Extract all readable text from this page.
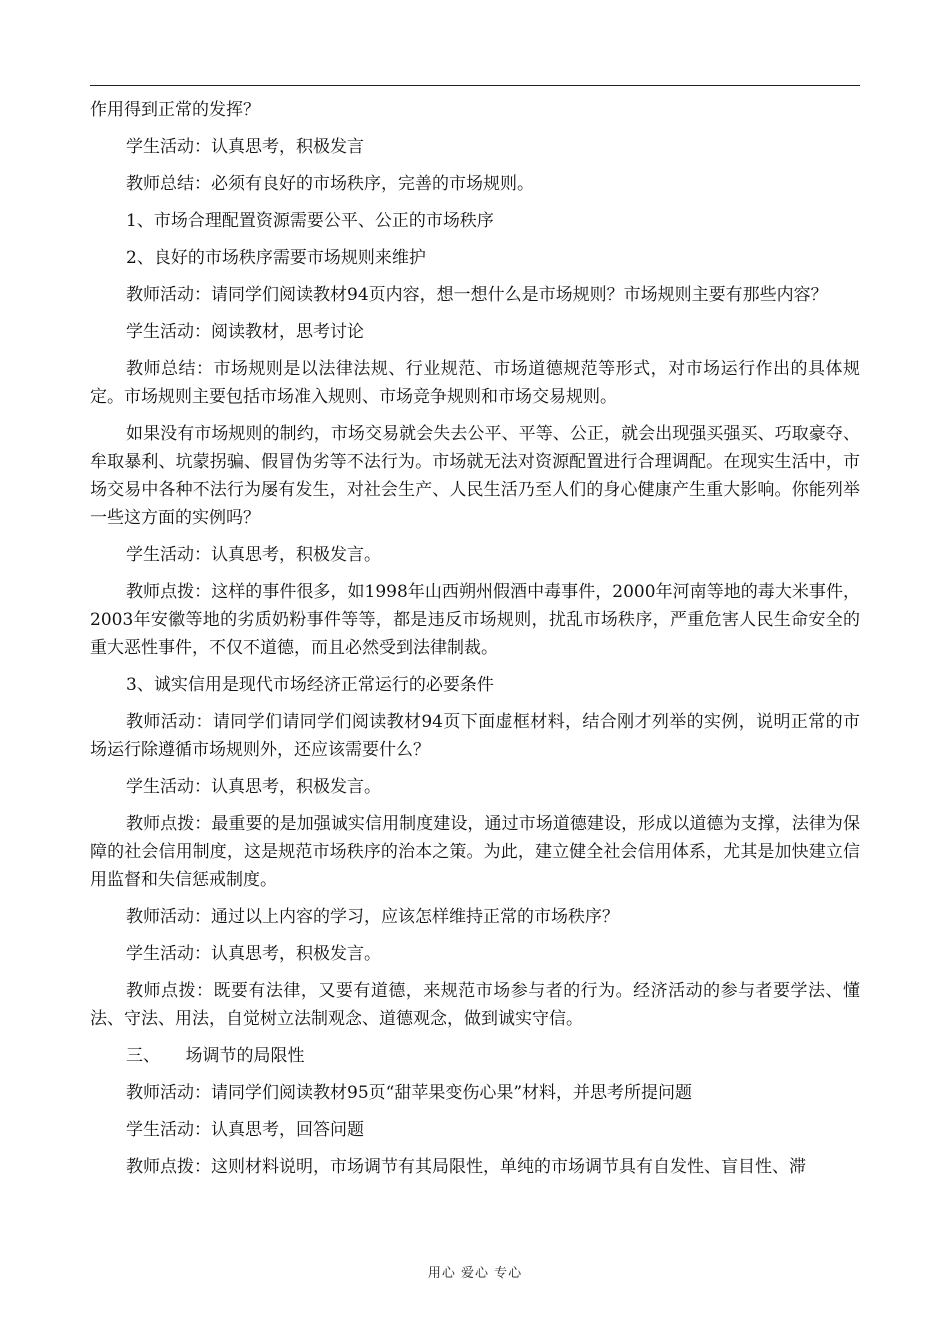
作用得到正常的发挥？

学生活动：认真思考，积极发言

教师总结：必须有良好的市场秩序，完善的市场规则。

1、市场合理配置资源需要公平、公正的市场秩序

2、良好的市场秩序需要市场规则来维护

教师活动：请同学们阅读教材94页内容，想一想什么是市场规则？市场规则主要有那些内容？

学生活动：阅读教材，思考讨论

教师总结：市场规则是以法律法规、行业规范、市场道德规范等形式，对市场运行作出的具体规定。市场规则主要包括市场准入规则、市场竞争规则和市场交易规则。

如果没有市场规则的制约，市场交易就会失去公平、平等、公正，就会出现强买强买、巧取豪夺、牟取暴利、坑蒙拐骗、假冒伪劣等不法行为。市场就无法对资源配置进行合理调配。在现实生活中，市场交易中各种不法行为屡有发生，对社会生产、人民生活乃至人们的身心健康产生重大影响。你能列举一些这方面的实例吗？

学生活动：认真思考，积极发言。

教师点拨：这样的事件很多，如1998年山西朔州假酒中毒事件，2000年河南等地的毒大米事件，2003年安徽等地的劣质奶粉事件等等，都是违反市场规则，扰乱市场秩序，严重危害人民生命安全的重大恶性事件，不仅不道德，而且必然受到法律制裁。

3、诚实信用是现代市场经济正常运行的必要条件

教师活动：请同学们请同学们阅读教材94页下面虚框材料，结合刚才列举的实例，说明正常的市场运行除遵循市场规则外，还应该需要什么？

学生活动：认真思考，积极发言。

教师点拨：最重要的是加强诚实信用制度建设，通过市场道德建设，形成以道德为支撑，法律为保障的社会信用制度，这是规范市场秩序的治本之策。为此，建立健全社会信用体系，尤其是加快建立信用监督和失信惩戒制度。

教师活动：通过以上内容的学习，应该怎样维持正常的市场秩序？

学生活动：认真思考，积极发言。

教师点拨：既要有法律，又要有道德，来规范市场参与者的行为。经济活动的参与者要学法、懂法、守法、用法，自觉树立法制观念、道德观念，做到诚实守信。

三、　　场调节的局限性

教师活动：请同学们阅读教材95页“甜苹果变伤心果”材料，并思考所提问题

学生活动：认真思考，回答问题

教师点拨：这则材料说明，市场调节有其局限性，单纯的市场调节具有自发性、盲目性、滞

用心 爱心 专心
